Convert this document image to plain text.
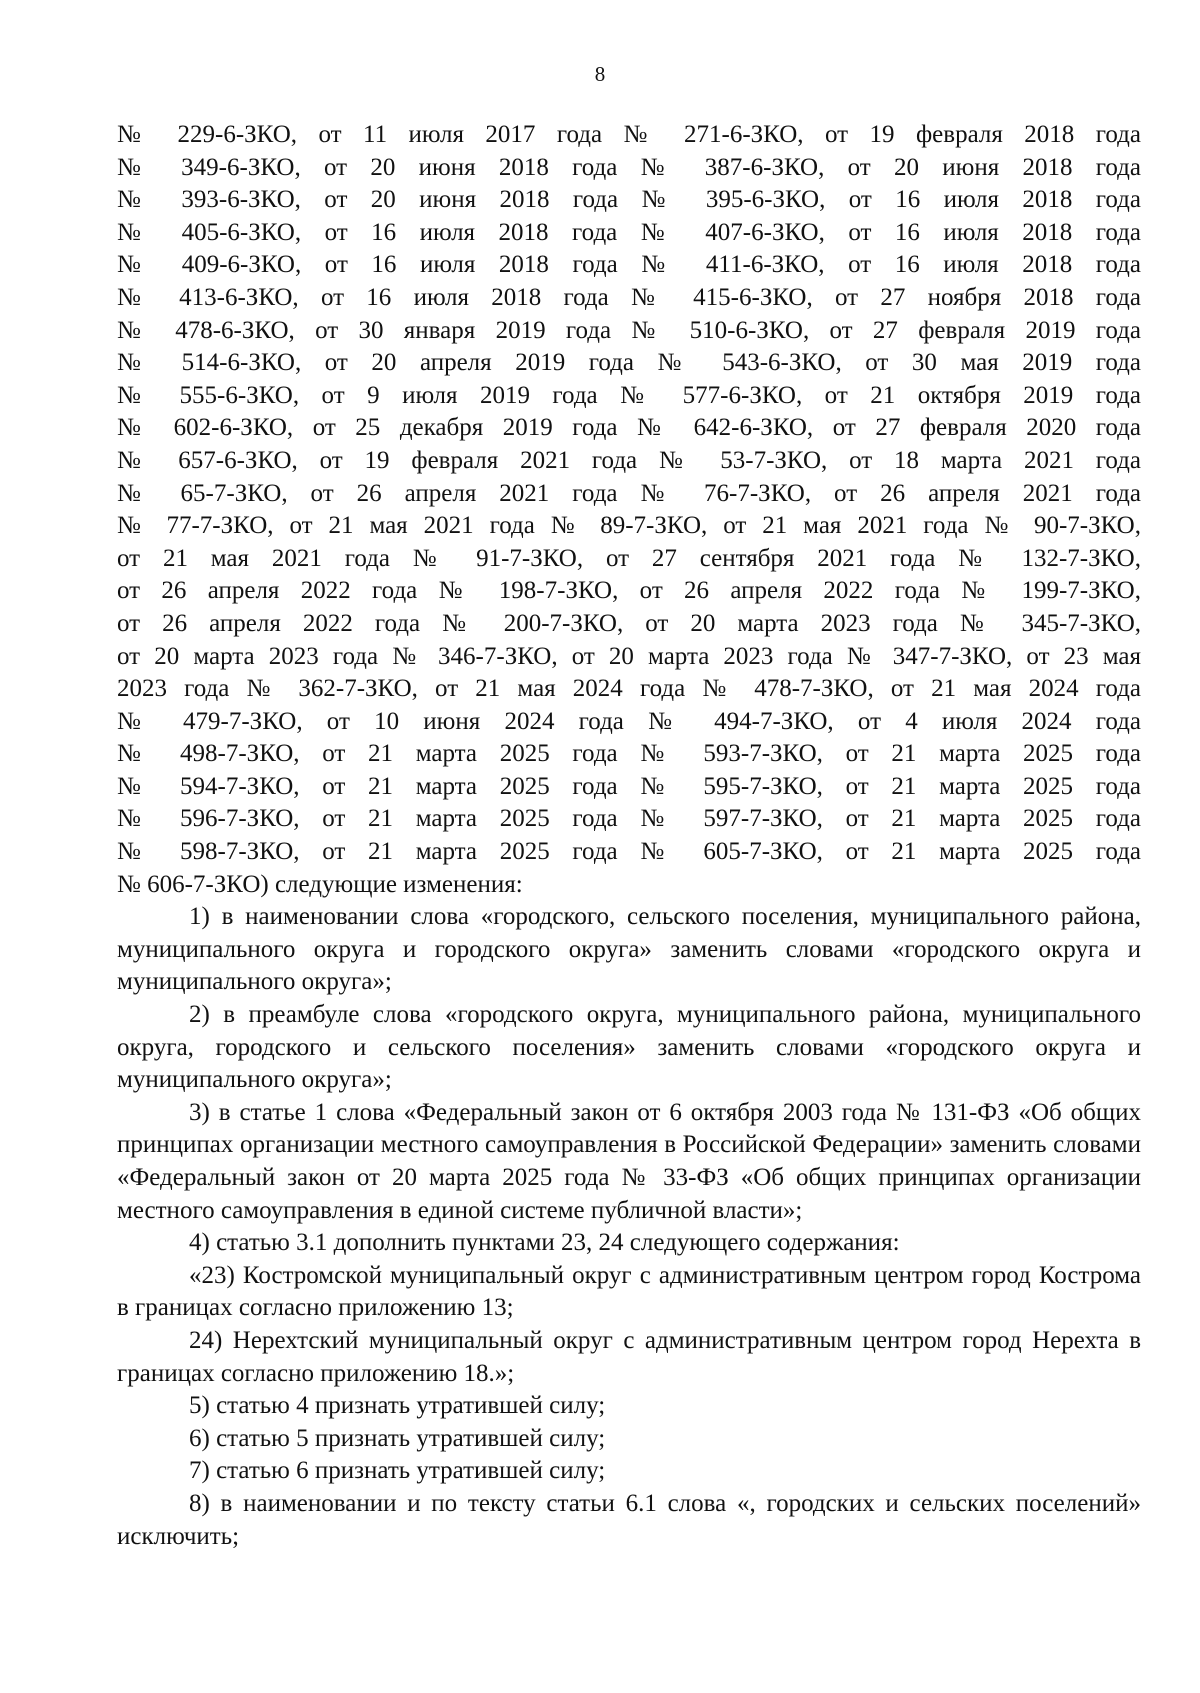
8
№ 229-6-ЗКО, от 11 июля 2017 года № 271-6-ЗКО, от 19 февраля 2018 года
№ 349-6-ЗКО, от 20 июня 2018 года № 387-6-ЗКО, от 20 июня 2018 года
№ 393-6-ЗКО, от 20 июня 2018 года № 395-6-ЗКО, от 16 июля 2018 года
№ 405-6-ЗКО, от 16 июля 2018 года № 407-6-ЗКО, от 16 июля 2018 года
№ 409-6-ЗКО, от 16 июля 2018 года № 411-6-ЗКО, от 16 июля 2018 года
№ 413-6-ЗКО, от 16 июля 2018 года № 415-6-ЗКО, от 27 ноября 2018 года
№ 478-6-ЗКО, от 30 января 2019 года № 510-6-ЗКО, от 27 февраля 2019 года
№ 514-6-ЗКО, от 20 апреля 2019 года № 543-6-ЗКО, от 30 мая 2019 года
№ 555-6-ЗКО, от 9 июля 2019 года № 577-6-ЗКО, от 21 октября 2019 года
№ 602-6-ЗКО, от 25 декабря 2019 года № 642-6-ЗКО, от 27 февраля 2020 года
№ 657-6-ЗКО, от 19 февраля 2021 года № 53-7-ЗКО, от 18 марта 2021 года
№ 65-7-ЗКО, от 26 апреля 2021 года № 76-7-ЗКО, от 26 апреля 2021 года
№ 77-7-ЗКО, от 21 мая 2021 года № 89-7-ЗКО, от 21 мая 2021 года № 90-7-ЗКО,
от 21 мая 2021 года № 91-7-ЗКО, от 27 сентября 2021 года № 132-7-ЗКО,
от 26 апреля 2022 года № 198-7-ЗКО, от 26 апреля 2022 года № 199-7-ЗКО,
от 26 апреля 2022 года № 200-7-ЗКО, от 20 марта 2023 года № 345-7-ЗКО,
от 20 марта 2023 года № 346-7-ЗКО, от 20 марта 2023 года № 347-7-ЗКО, от 23 мая
2023 года № 362-7-ЗКО, от 21 мая 2024 года № 478-7-ЗКО, от 21 мая 2024 года
№ 479-7-ЗКО, от 10 июня 2024 года № 494-7-ЗКО, от 4 июля 2024 года
№ 498-7-ЗКО, от 21 марта 2025 года № 593-7-ЗКО, от 21 марта 2025 года
№ 594-7-ЗКО, от 21 марта 2025 года № 595-7-ЗКО, от 21 марта 2025 года
№ 596-7-ЗКО, от 21 марта 2025 года № 597-7-ЗКО, от 21 марта 2025 года
№ 598-7-ЗКО, от 21 марта 2025 года № 605-7-ЗКО, от 21 марта 2025 года
№ 606-7-ЗКО) следующие изменения:

1) в наименовании слова «городского, сельского поселения, муниципального района, муниципального округа и городского округа» заменить словами «городского округа и муниципального округа»;

2) в преамбуле слова «городского округа, муниципального района, муниципального округа, городского и сельского поселения» заменить словами «городского округа и муниципального округа»;

3) в статье 1 слова «Федеральный закон от 6 октября 2003 года № 131-ФЗ «Об общих принципах организации местного самоуправления в Российской Федерации» заменить словами «Федеральный закон от 20 марта 2025 года № 33-ФЗ «Об общих принципах организации местного самоуправления в единой системе публичной власти»;

4) статью 3.1 дополнить пунктами 23, 24 следующего содержания:

«23) Костромской муниципальный округ с административным центром город Кострома в границах согласно приложению 13;

24) Нерехтский муниципальный округ с административным центром город Нерехта в границах согласно приложению 18.»;

5) статью 4 признать утратившей силу;

6) статью 5 признать утратившей силу;

7) статью 6 признать утратившей силу;

8) в наименовании и по тексту статьи 6.1 слова «, городских и сельских поселений» исключить;
